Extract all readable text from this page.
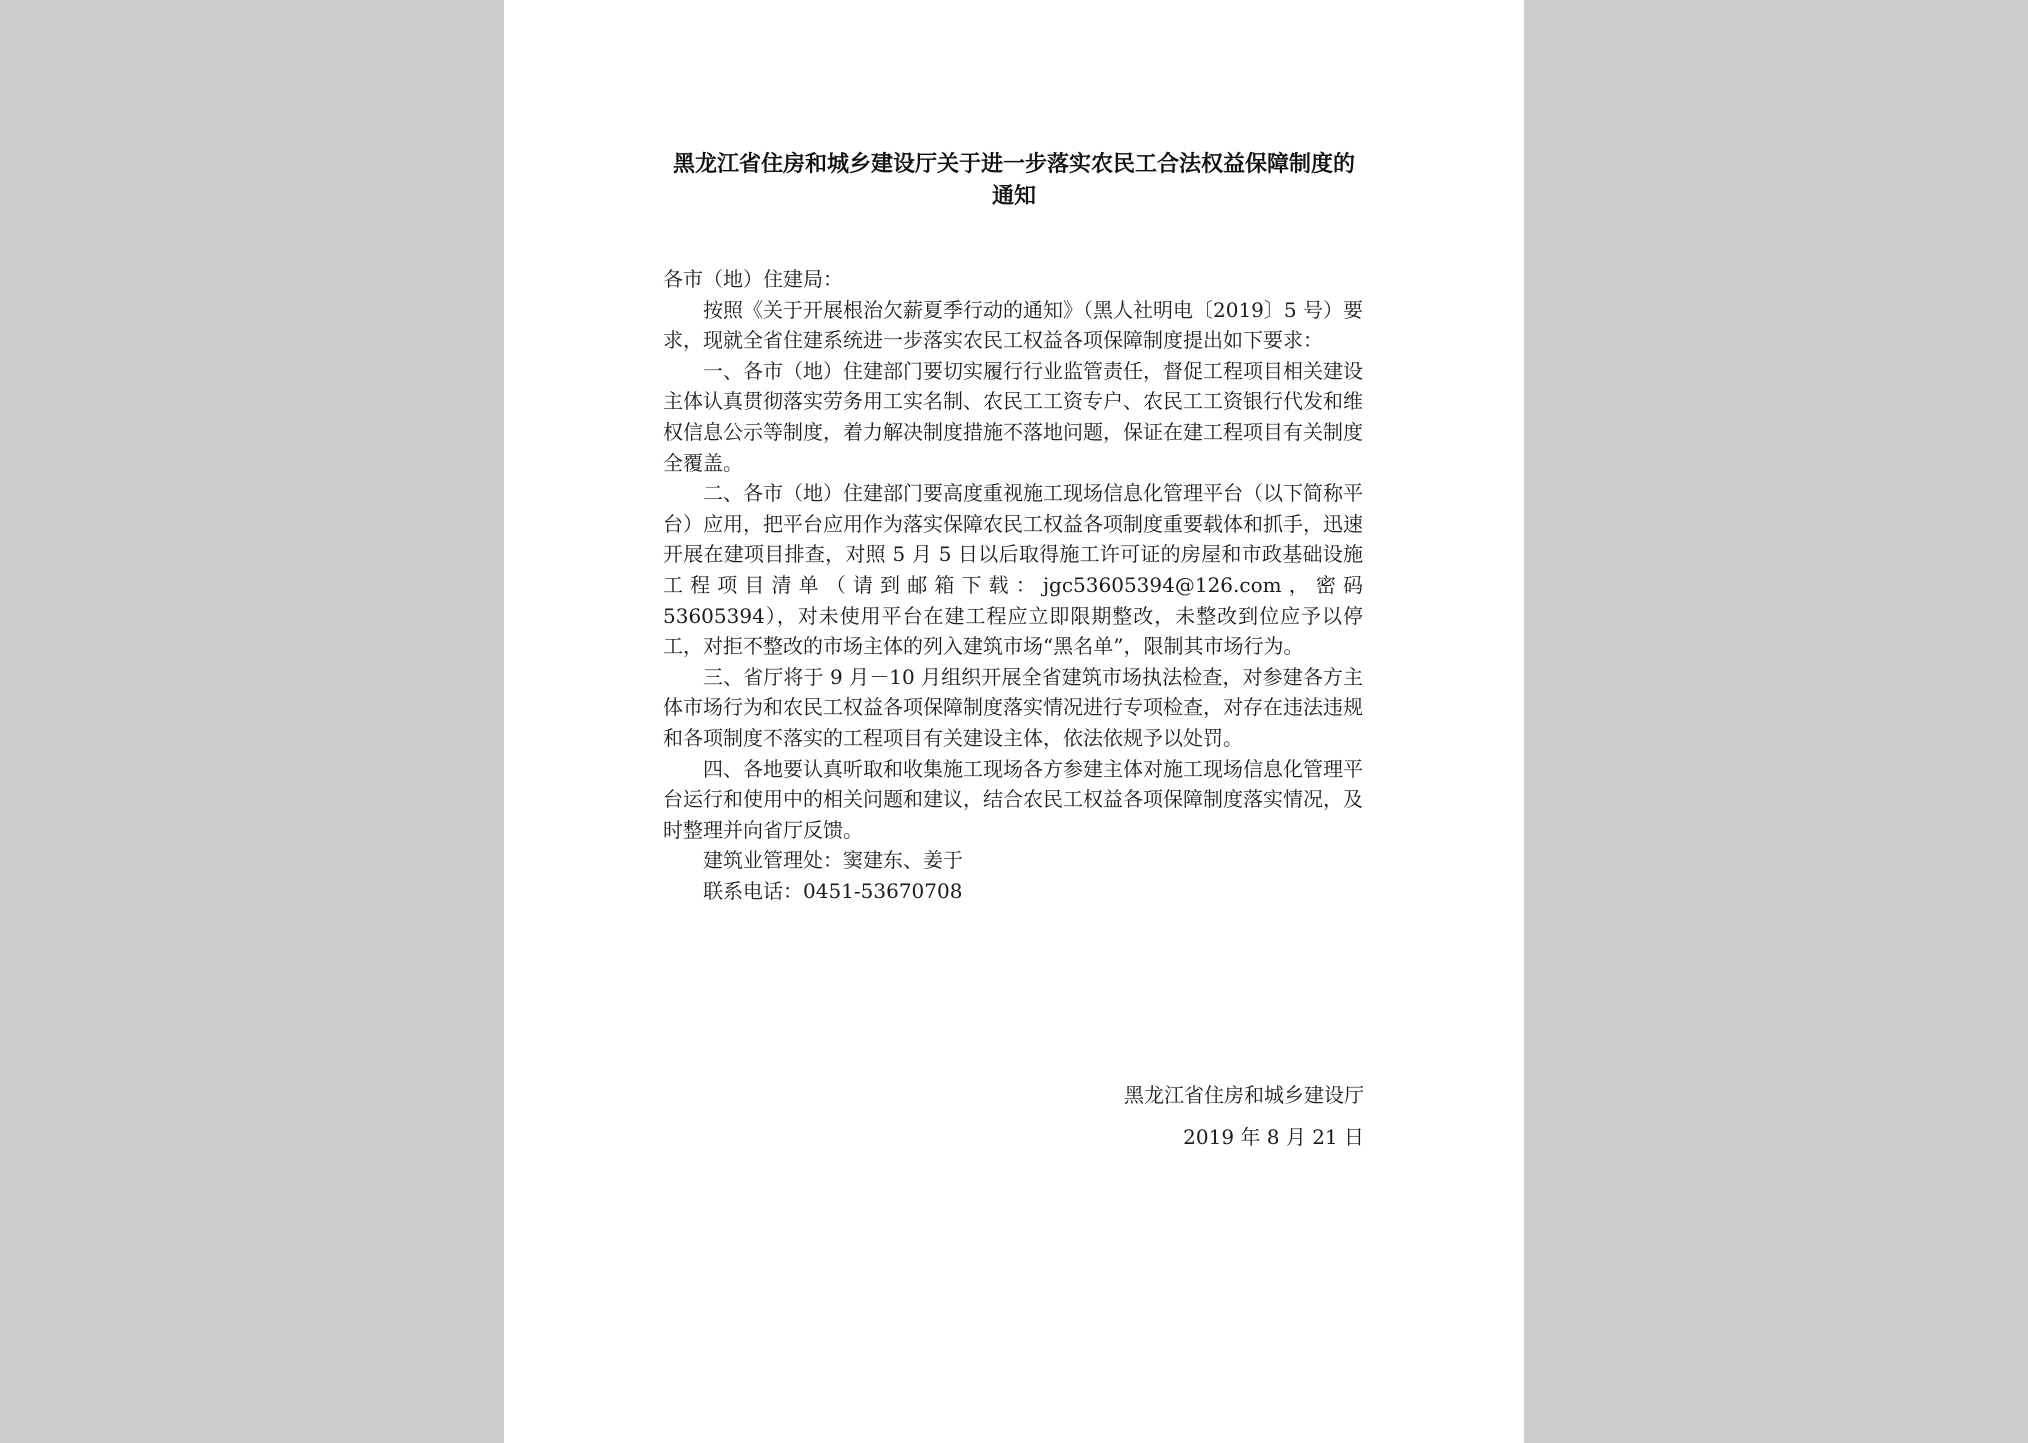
黑龙江省住房和城乡建设厅关于进一步落实农民工合法权益保障制度的通知

各市（地）住建局：

按照《关于开展根治欠薪夏季行动的通知》（黑人社明电〔2019〕5 号）要求，现就全省住建系统进一步落实农民工权益各项保障制度提出如下要求：

一、各市（地）住建部门要切实履行行业监管责任，督促工程项目相关建设主体认真贯彻落实劳务用工实名制、农民工工资专户、农民工工资银行代发和维权信息公示等制度，着力解决制度措施不落地问题，保证在建工程项目有关制度全覆盖。

二、各市（地）住建部门要高度重视施工现场信息化管理平台（以下简称平台）应用，把平台应用作为落实保障农民工权益各项制度重要载体和抓手，迅速开展在建项目排查，对照 5 月 5 日以后取得施工许可证的房屋和市政基础设施工程项目清单（请到邮箱下载：jgc53605394@126.com，密码 53605394），对未使用平台在建工程应立即限期整改，未整改到位应予以停工，对拒不整改的市场主体的列入建筑市场“黑名单”，限制其市场行为。

三、省厅将于 9 月－10 月组织开展全省建筑市场执法检查，对参建各方主体市场行为和农民工权益各项保障制度落实情况进行专项检查，对存在违法违规和各项制度不落实的工程项目有关建设主体，依法依规予以处罚。

四、各地要认真听取和收集施工现场各方参建主体对施工现场信息化管理平台运行和使用中的相关问题和建议，结合农民工权益各项保障制度落实情况，及时整理并向省厅反馈。

建筑业管理处：窦建东、姜于

联系电话：0451-53670708

黑龙江省住房和城乡建设厅
2019 年 8 月 21 日
